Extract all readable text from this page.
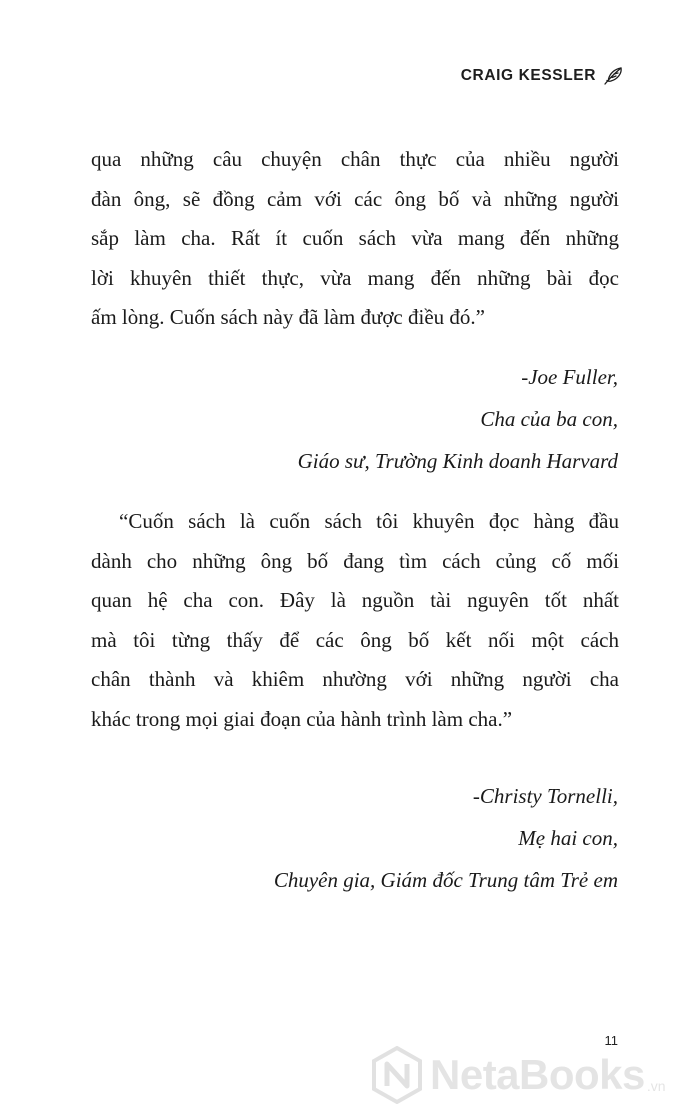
CRAIG KESSLER
qua những câu chuyện chân thực của nhiều người
đàn ông, sẽ đồng cảm với các ông bố và những người
sắp làm cha. Rất ít cuốn sách vừa mang đến những
lời khuyên thiết thực, vừa mang đến những bài đọc
ấm lòng. Cuốn sách này đã làm được điều đó.”
-Joe Fuller,
Cha của ba con,
Giáo sư, Trường Kinh doanh Harvard
“Cuốn sách là cuốn sách tôi khuyên đọc hàng đầu
dành cho những ông bố đang tìm cách củng cố mối
quan hệ cha con. Đây là nguồn tài nguyên tốt nhất
mà tôi từng thấy để các ông bố kết nối một cách
chân thành và khiêm nhường với những người cha
khác trong mọi giai đoạn của hành trình làm cha.”
-Christy Tornelli,
Mẹ hai con,
Chuyên gia, Giám đốc Trung tâm Trẻ em
11
NetaBooks .vn
